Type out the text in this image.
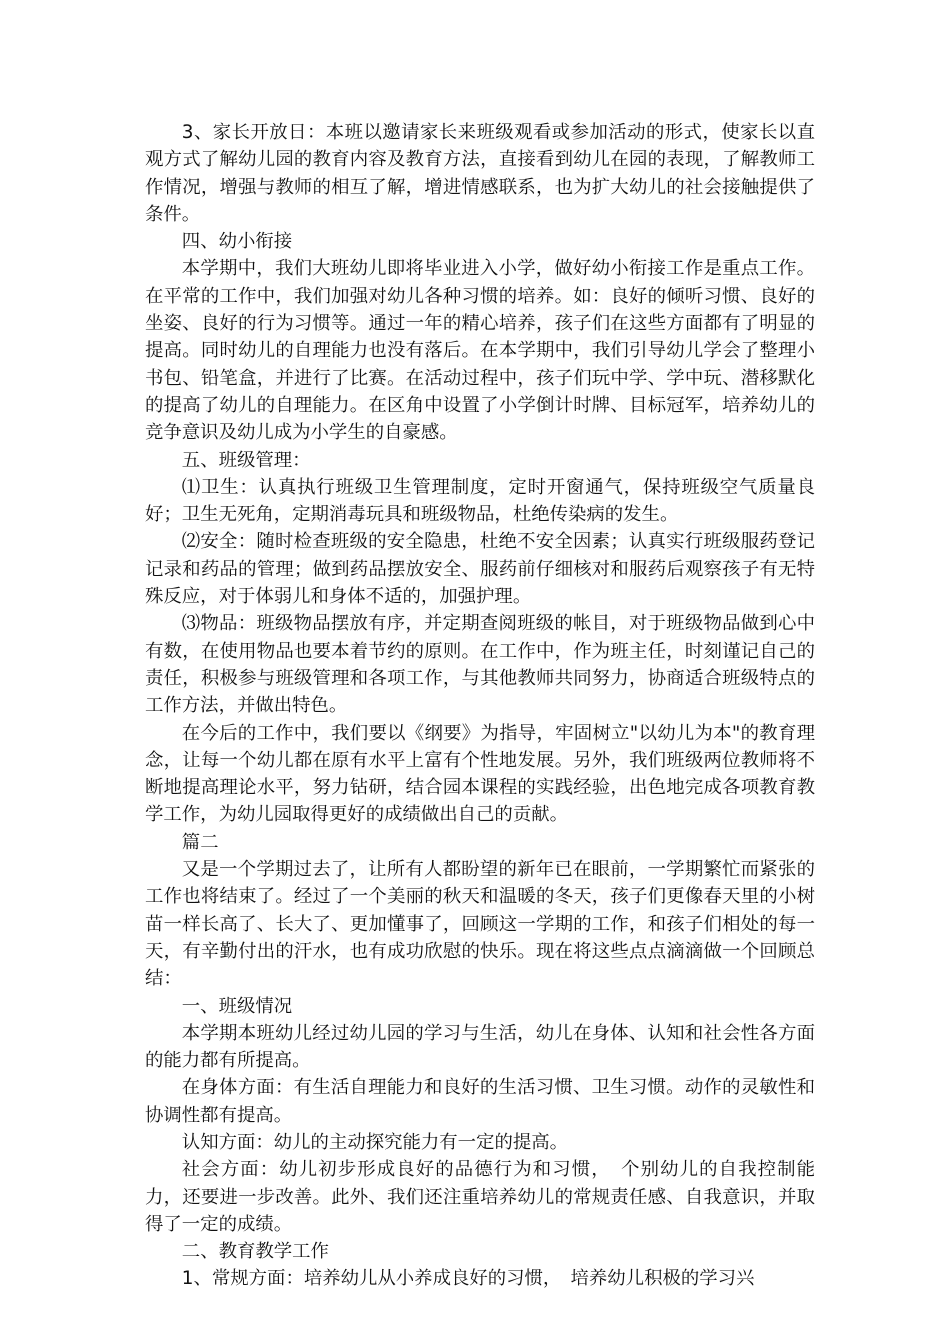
3、家长开放日：本班以邀请家长来班级观看或参加活动的形式，使家长以直观方式了解幼儿园的教育内容及教育方法，直接看到幼儿在园的表现，了解教师工作情况，增强与教师的相互了解，增进情感联系，也为扩大幼儿的社会接触提供了条件。

四、幼小衔接

本学期中，我们大班幼儿即将毕业进入小学，做好幼小衔接工作是重点工作。在平常的工作中，我们加强对幼儿各种习惯的培养。如：良好的倾听习惯、良好的坐姿、良好的行为习惯等。通过一年的精心培养，孩子们在这些方面都有了明显的提高。同时幼儿的自理能力也没有落后。在本学期中，我们引导幼儿学会了整理小书包、铅笔盒，并进行了比赛。在活动过程中，孩子们玩中学、学中玩、潜移默化的提高了幼儿的自理能力。在区角中设置了小学倒计时牌、目标冠军，培养幼儿的竞争意识及幼儿成为小学生的自豪感。

五、班级管理：

⑴卫生：认真执行班级卫生管理制度，定时开窗通气，保持班级空气质量良好；卫生无死角，定期消毒玩具和班级物品，杜绝传染病的发生。

⑵安全：随时检查班级的安全隐患，杜绝不安全因素；认真实行班级服药登记记录和药品的管理；做到药品摆放安全、服药前仔细核对和服药后观察孩子有无特殊反应，对于体弱儿和身体不适的，加强护理。

⑶物品：班级物品摆放有序，并定期查阅班级的帐目，对于班级物品做到心中有数，在使用物品也要本着节约的原则。在工作中，作为班主任，时刻谨记自己的责任，积极参与班级管理和各项工作，与其他教师共同努力，协商适合班级特点的工作方法，并做出特色。

在今后的工作中，我们要以《纲要》为指导，牢固树立"以幼儿为本"的教育理念，让每一个幼儿都在原有水平上富有个性地发展。另外，我们班级两位教师将不断地提高理论水平，努力钻研，结合园本课程的实践经验，出色地完成各项教育教学工作，为幼儿园取得更好的成绩做出自己的贡献。

篇二

又是一个学期过去了，让所有人都盼望的新年已在眼前，一学期繁忙而紧张的工作也将结束了。经过了一个美丽的秋天和温暖的冬天，孩子们更像春天里的小树苗一样长高了、长大了、更加懂事了，回顾这一学期的工作，和孩子们相处的每一天，有辛勤付出的汗水，也有成功欣慰的快乐。现在将这些点点滴滴做一个回顾总结：

一、班级情况

本学期本班幼儿经过幼儿园的学习与生活，幼儿在身体、认知和社会性各方面的能力都有所提高。

在身体方面：有生活自理能力和良好的生活习惯、卫生习惯。动作的灵敏性和协调性都有提高。

认知方面：幼儿的主动探究能力有一定的提高。

社会方面：幼儿初步形成良好的品德行为和习惯，　个别幼儿的自我控制能力，还要进一步改善。此外、我们还注重培养幼儿的常规责任感、自我意识，并取得了一定的成绩。

二、教育教学工作

1、常规方面：培养幼儿从小养成良好的习惯，　培养幼儿积极的学习兴
